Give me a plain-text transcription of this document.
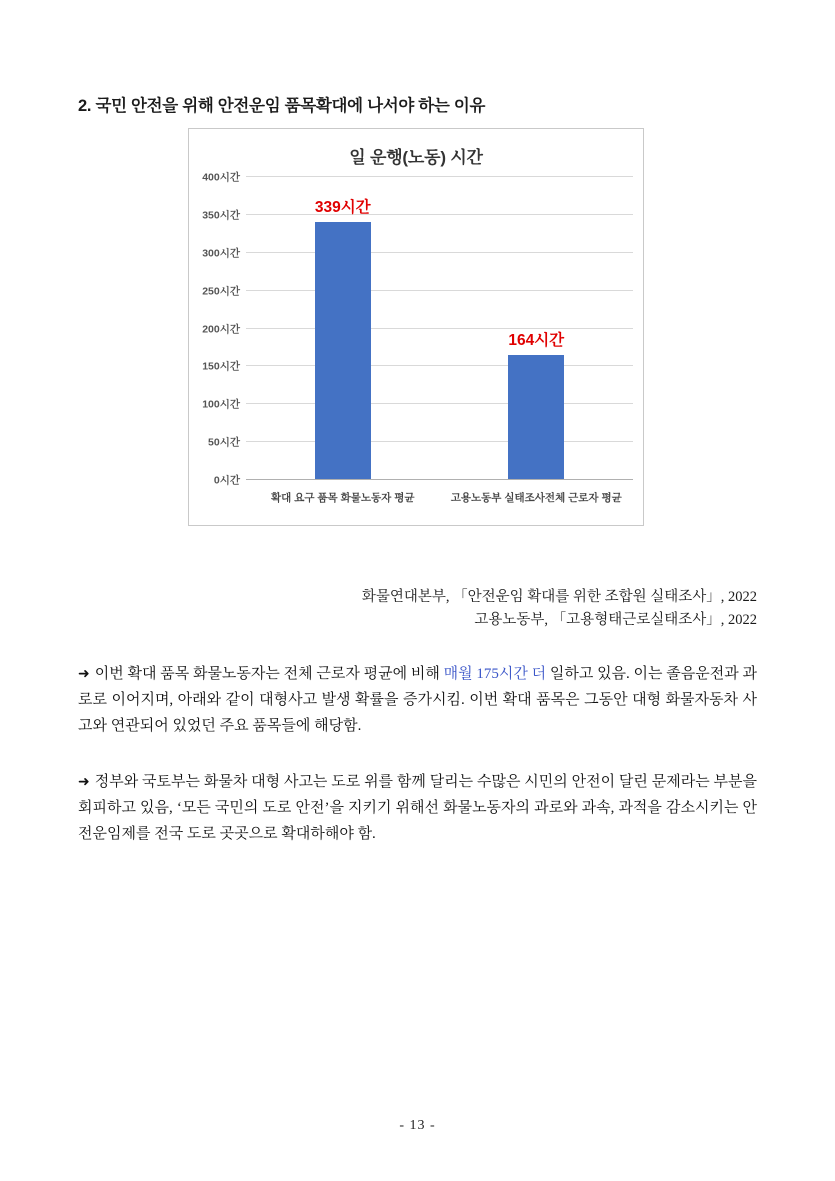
2. 국민 안전을 위해 안전운임 품목확대에 나서야 하는 이유
일 운행(노동) 시간
0시간
50시간
100시간
150시간
200시간
250시간
300시간
350시간
400시간
339시간
확대 요구 품목 화물노동자 평균
164시간
고용노동부 실태조사전체 근로자 평균
화물연대본부, 「안전운임 확대를 위한 조합원 실태조사」, 2022
고용노동부, 「고용형태근로실태조사」, 2022
➜ 이번 확대 품목 화물노동자는 전체 근로자 평균에 비해 매월 175시간 더 일하고 있음. 이는 졸음운전과 과로로 이어지며, 아래와 같이 대형사고 발생 확률을 증가시킴. 이번 확대 품목은 그동안 대형 화물자동차 사고와 연관되어 있었던 주요 품목들에 해당함.
➜ 정부와 국토부는 화물차 대형 사고는 도로 위를 함께 달리는 수많은 시민의 안전이 달린 문제라는 부분을 회피하고 있음, ‘모든 국민의 도로 안전’을 지키기 위해선 화물노동자의 과로와 과속, 과적을 감소시키는 안전운임제를 전국 도로 곳곳으로 확대하해야 함.
- 13 -
